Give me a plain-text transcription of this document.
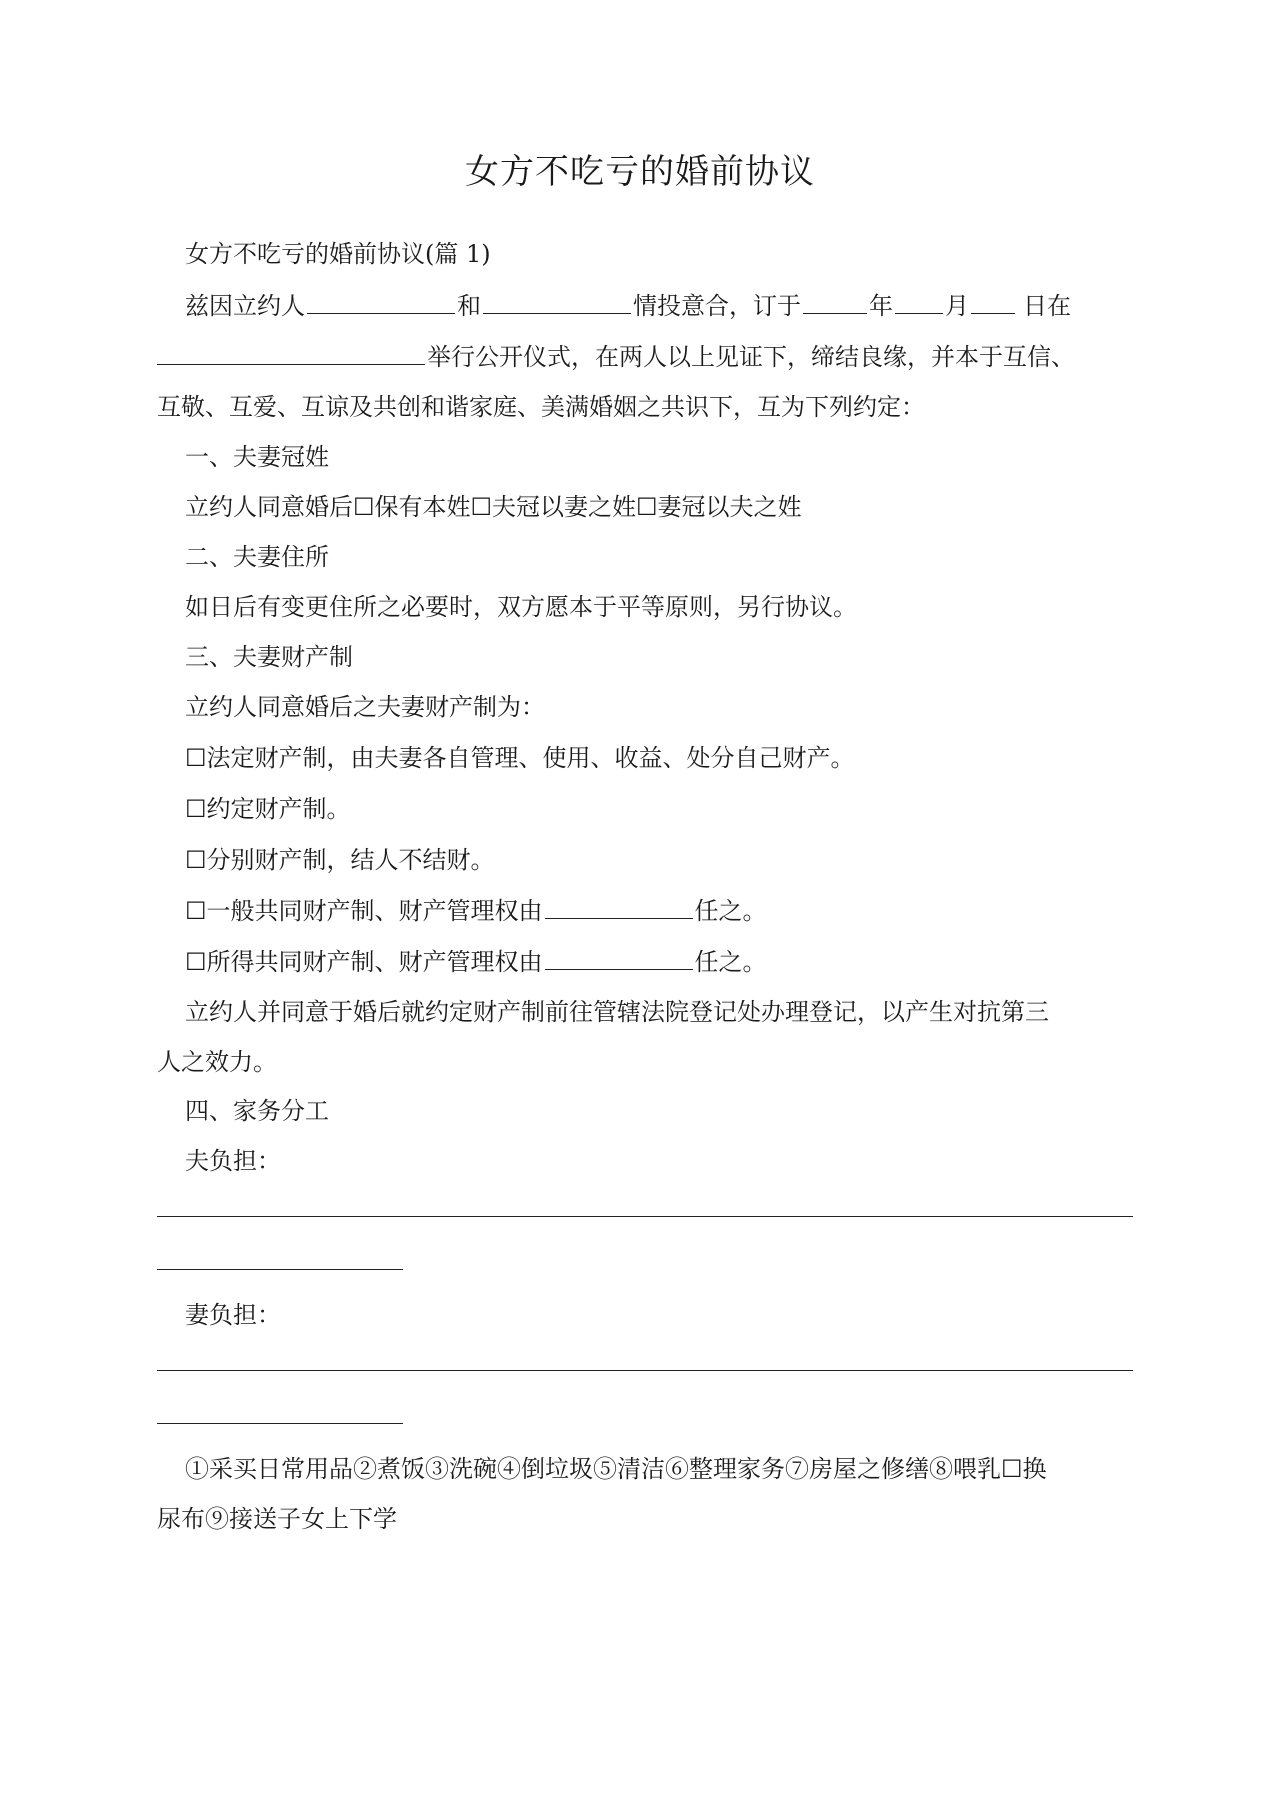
女方不吃亏的婚前协议
女方不吃亏的婚前协议(篇 1)
兹因立约人	和	情投意合，订于	年 月 日在
举行公开仪式，在两人以上见证下，缔结良缘，并本于互信、
互敬、互爱、互谅及共创和谐家庭、美满婚姻之共识下，互为下列约定：
一、夫妻冠姓
立约人同意婚后☐保有本姓☐夫冠以妻之姓☐妻冠以夫之姓
二、夫妻住所
如日后有变更住所之必要时，双方愿本于平等原则，另行协议。
三、夫妻财产制
立约人同意婚后之夫妻财产制为：
☐法定财产制，由夫妻各自管理、使用、收益、处分自己财产。
☐约定财产制。
☐分别财产制，结人不结财。
☐一般共同财产制、财产管理权由	任之。
☐所得共同财产制、财产管理权由	任之。
立约人并同意于婚后就约定财产制前往管辖法院登记处办理登记，以产生对抗第三
人之效力。
四、家务分工
夫负担：
妻负担：
①采买日常用品②煮饭③洗碗④倒垃圾⑤清洁⑥整理家务⑦房屋之修缮⑧喂乳☐换
尿布⑨接送子女上下学
